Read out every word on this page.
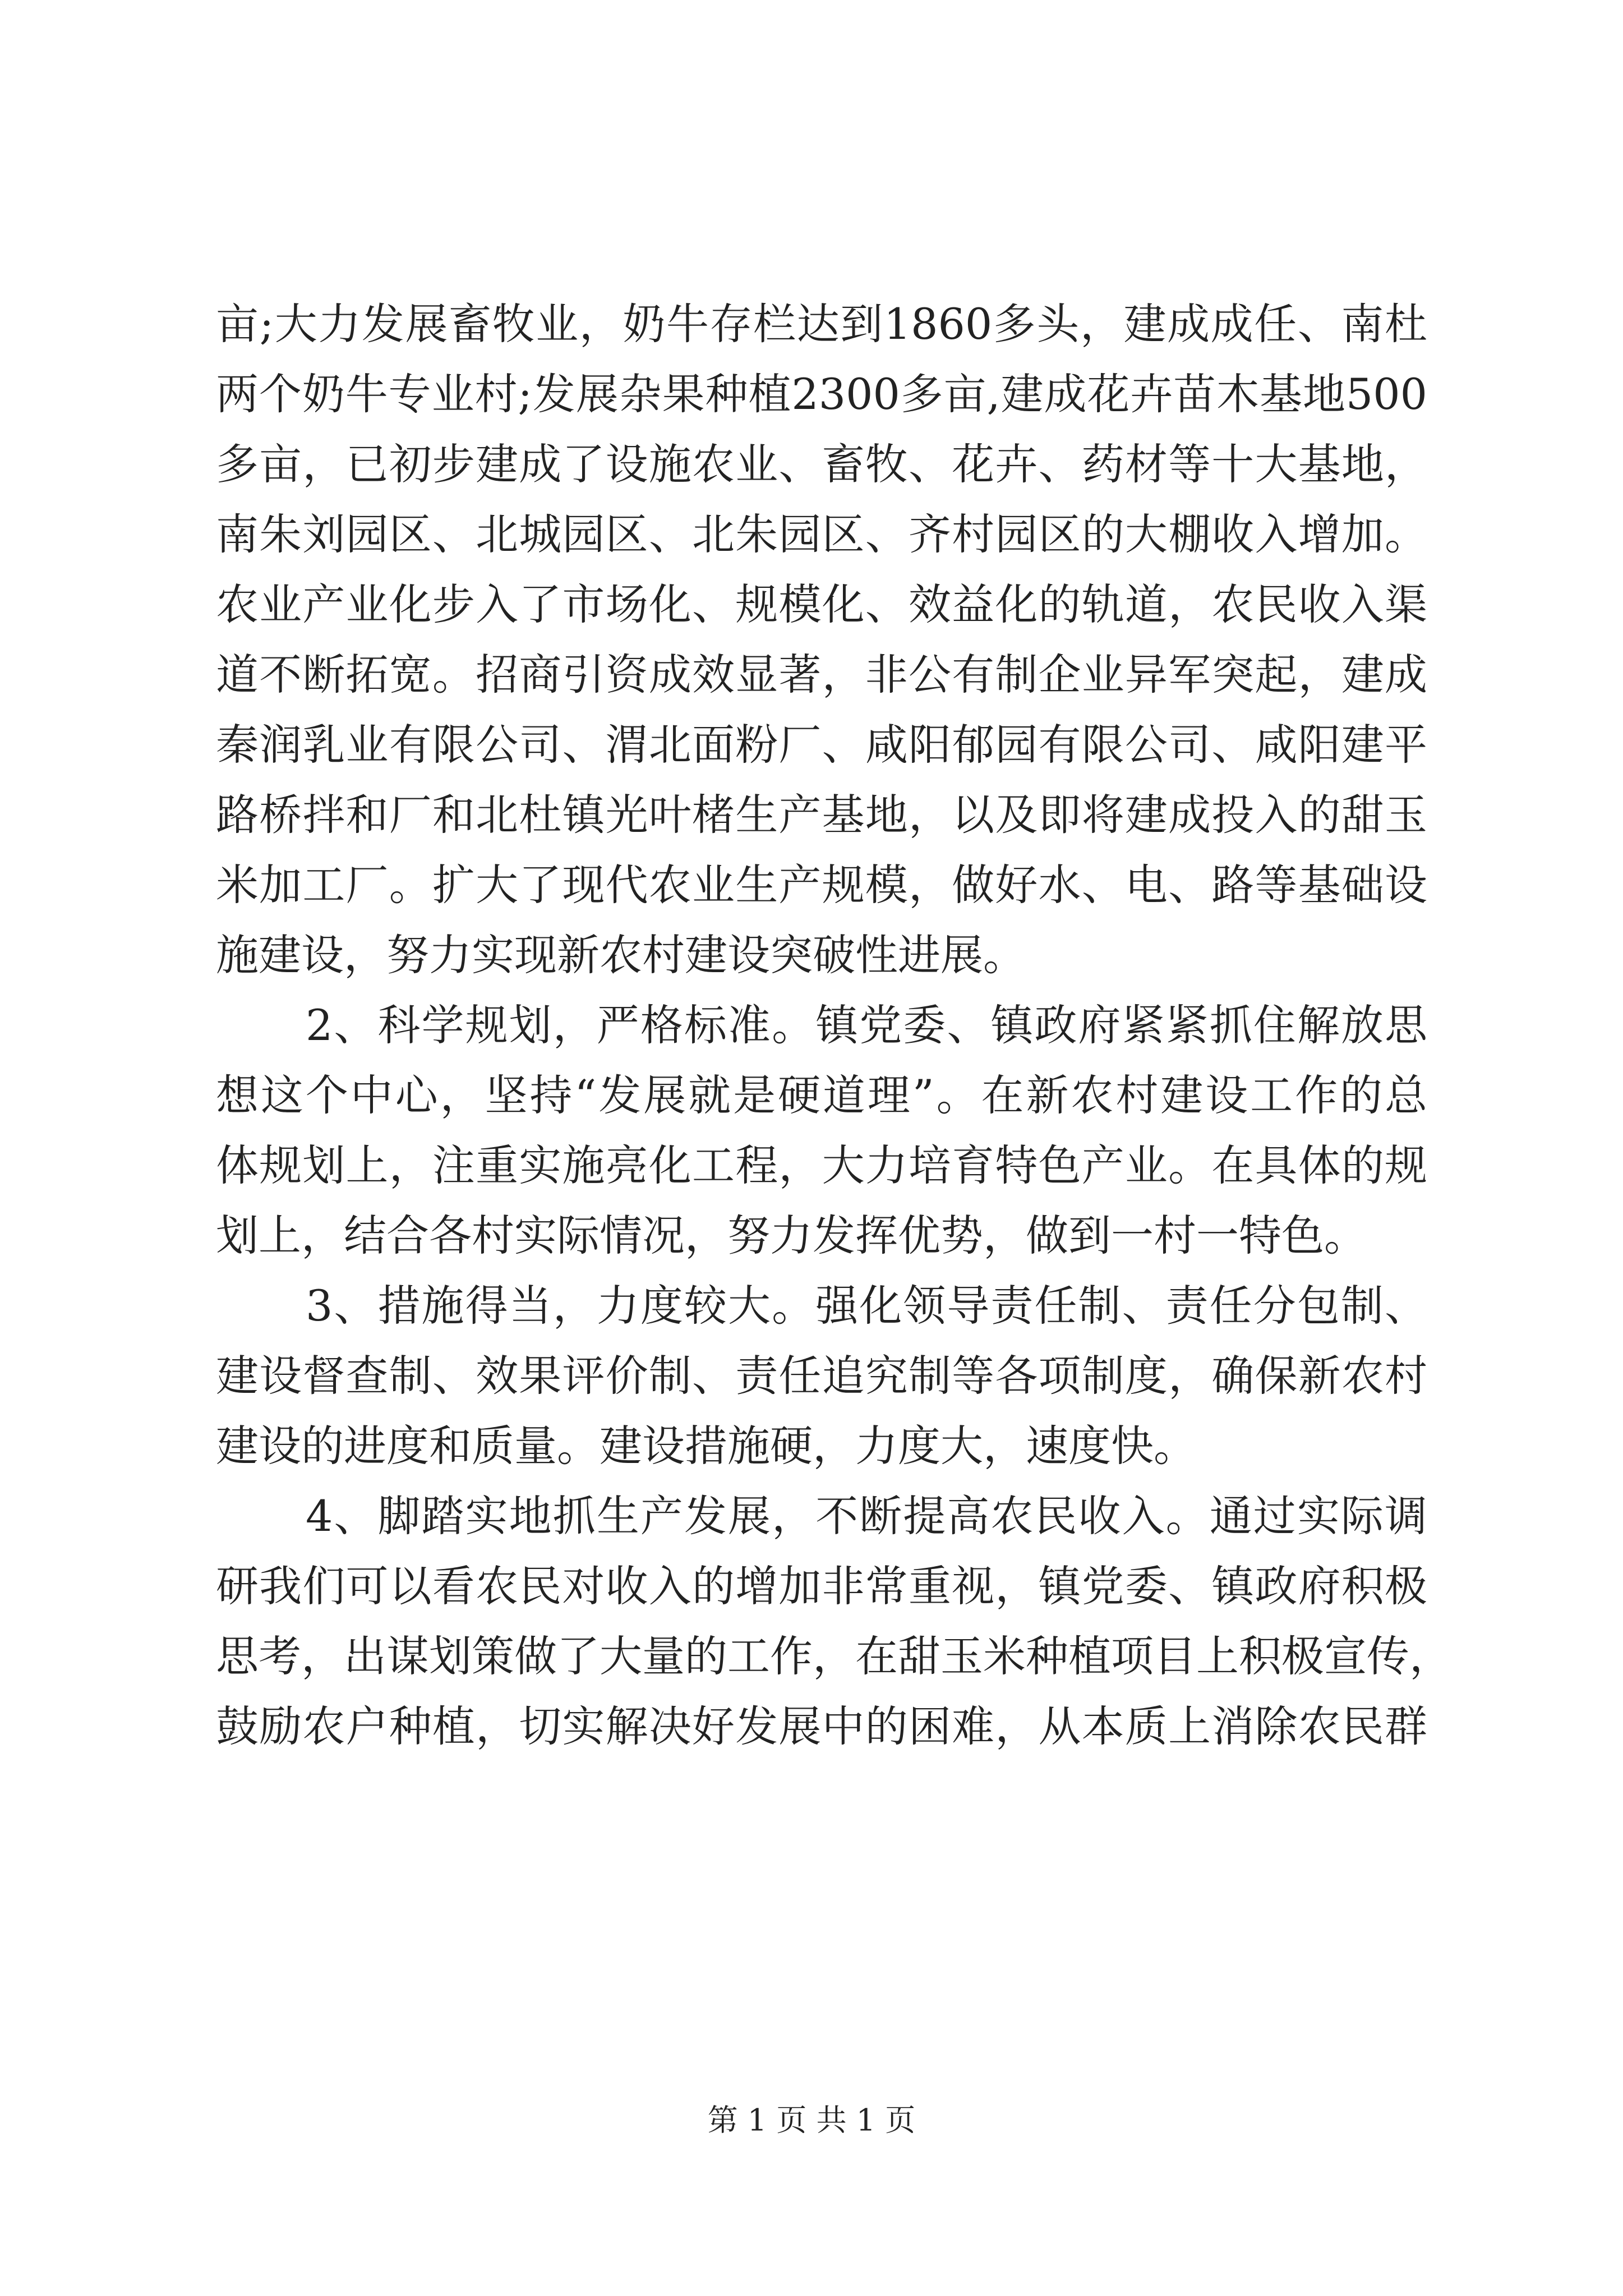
亩;大力发展畜牧业，奶牛存栏达到1860多头，建成成任、南杜
两个奶牛专业村;发展杂果种植2300多亩,建成花卉苗木基地500
多亩，已初步建成了设施农业、畜牧、花卉、药材等十大基地，
南朱刘园区、北城园区、北朱园区、齐村园区的大棚收入增加。
农业产业化步入了市场化、规模化、效益化的轨道，农民收入渠
道不断拓宽。招商引资成效显著，非公有制企业异军突起，建成
秦润乳业有限公司、渭北面粉厂、咸阳郁园有限公司、咸阳建平
路桥拌和厂和北杜镇光叶楮生产基地，以及即将建成投入的甜玉
米加工厂。扩大了现代农业生产规模，做好水、电、路等基础设
施建设，努力实现新农村建设突破性进展。
2、科学规划，严格标准。镇党委、镇政府紧紧抓住解放思
想这个中心，坚持“发展就是硬道理”。在新农村建设工作的总
体规划上，注重实施亮化工程，大力培育特色产业。在具体的规
划上，结合各村实际情况，努力发挥优势，做到一村一特色。
3、措施得当，力度较大。强化领导责任制、责任分包制、
建设督查制、效果评价制、责任追究制等各项制度，确保新农村
建设的进度和质量。建设措施硬，力度大，速度快。
4、脚踏实地抓生产发展，不断提高农民收入。通过实际调
研我们可以看农民对收入的增加非常重视，镇党委、镇政府积极
思考，出谋划策做了大量的工作，在甜玉米种植项目上积极宣传，
鼓励农户种植，切实解决好发展中的困难，从本质上消除农民群
第 1 页 共 1 页
